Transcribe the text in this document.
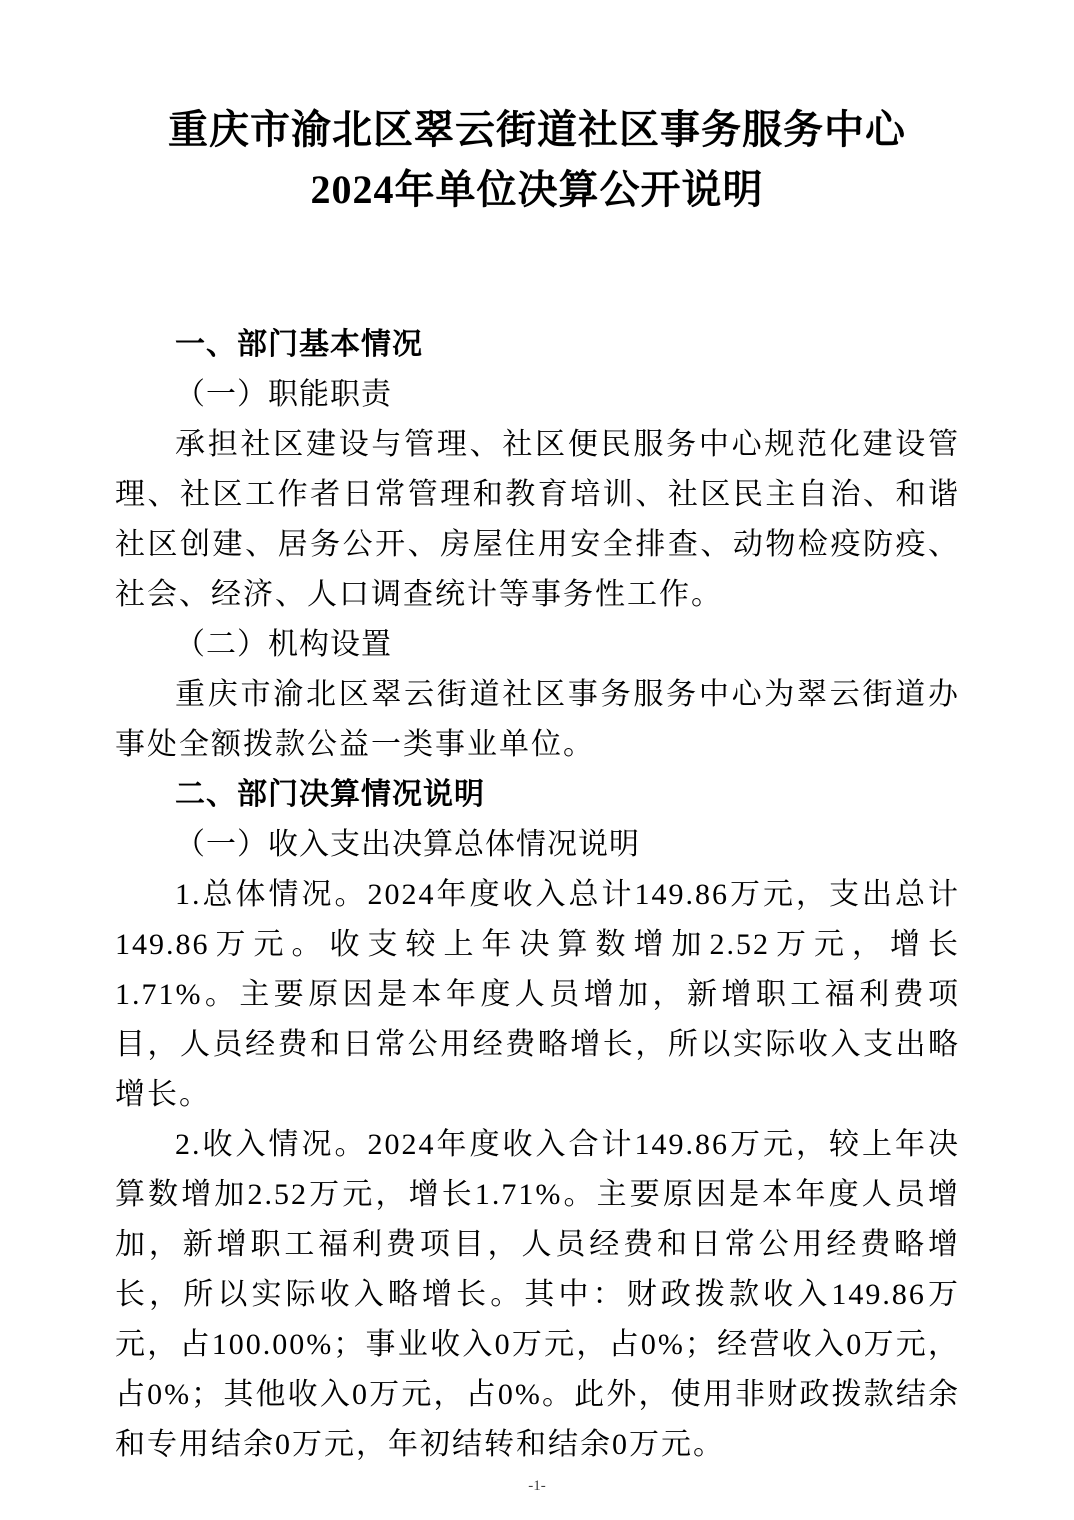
重庆市渝北区翠云街道社区事务服务中心
2024年单位决算公开说明
一、部门基本情况
（一）职能职责

承担社区建设与管理、社区便民服务中心规范化建设管理、社区工作者日常管理和教育培训、社区民主自治、和谐社区创建、居务公开、房屋住用安全排查、动物检疫防疫、社会、经济、人口调查统计等事务性工作。

（二）机构设置

重庆市渝北区翠云街道社区事务服务中心为翠云街道办事处全额拨款公益一类事业单位。

二、部门决算情况说明
（一）收入支出决算总体情况说明

1.总体情况。2024年度收入总计149.86万元，支出总计149.86万元。收支较上年决算数增加2.52万元，增长1.71%。主要原因是本年度人员增加，新增职工福利费项目，人员经费和日常公用经费略增长，所以实际收入支出略增长。

2.收入情况。2024年度收入合计149.86万元，较上年决算数增加2.52万元，增长1.71%。主要原因是本年度人员增加，新增职工福利费项目，人员经费和日常公用经费略增长，所以实际收入略增长。其中：财政拨款收入149.86万元，占100.00%；事业收入0万元，占0%；经营收入0万元，占0%；其他收入0万元，占0%。此外，使用非财政拨款结余和专用结余0万元，年初结转和结余0万元。

-1-
